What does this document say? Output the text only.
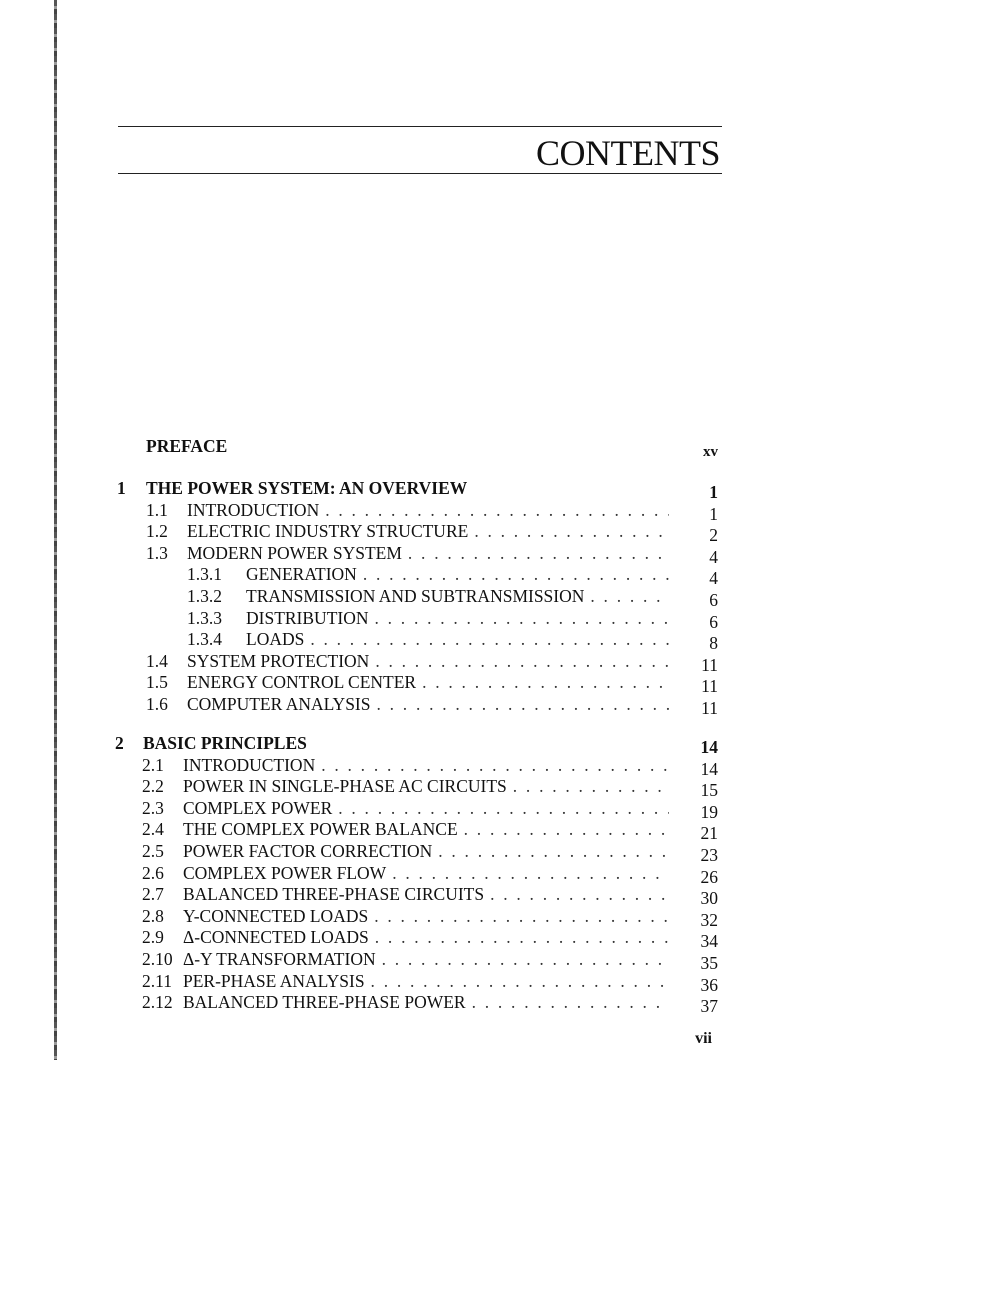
CONTENTS
PREFACE	xv
1	THE POWER SYSTEM: AN OVERVIEW	1
1.1	INTRODUCTION . . .	1
1.2	ELECTRIC INDUSTRY STRUCTURE . . .	2
1.3	MODERN POWER SYSTEM . . .	4
1.3.1	GENERATION . . .	4
1.3.2	TRANSMISSION AND SUBTRANSMISSION . . .	6
1.3.3	DISTRIBUTION . . .	6
1.3.4	LOADS . . .	8
1.4	SYSTEM PROTECTION . . .	11
1.5	ENERGY CONTROL CENTER . . .	11
1.6	COMPUTER ANALYSIS . . .	11
2	BASIC PRINCIPLES	14
2.1	INTRODUCTION . . .	14
2.2	POWER IN SINGLE-PHASE AC CIRCUITS . . .	15
2.3	COMPLEX POWER . . .	19
2.4	THE COMPLEX POWER BALANCE . . .	21
2.5	POWER FACTOR CORRECTION . . .	23
2.6	COMPLEX POWER FLOW . . .	26
2.7	BALANCED THREE-PHASE CIRCUITS . . .	30
2.8	Y-CONNECTED LOADS . . .	32
2.9	Δ-CONNECTED LOADS . . .	34
2.10 Δ-Y TRANSFORMATION . . .	35
2.11 PER-PHASE ANALYSIS . . .	36
2.12 BALANCED THREE-PHASE POWER . . .	37
vii
